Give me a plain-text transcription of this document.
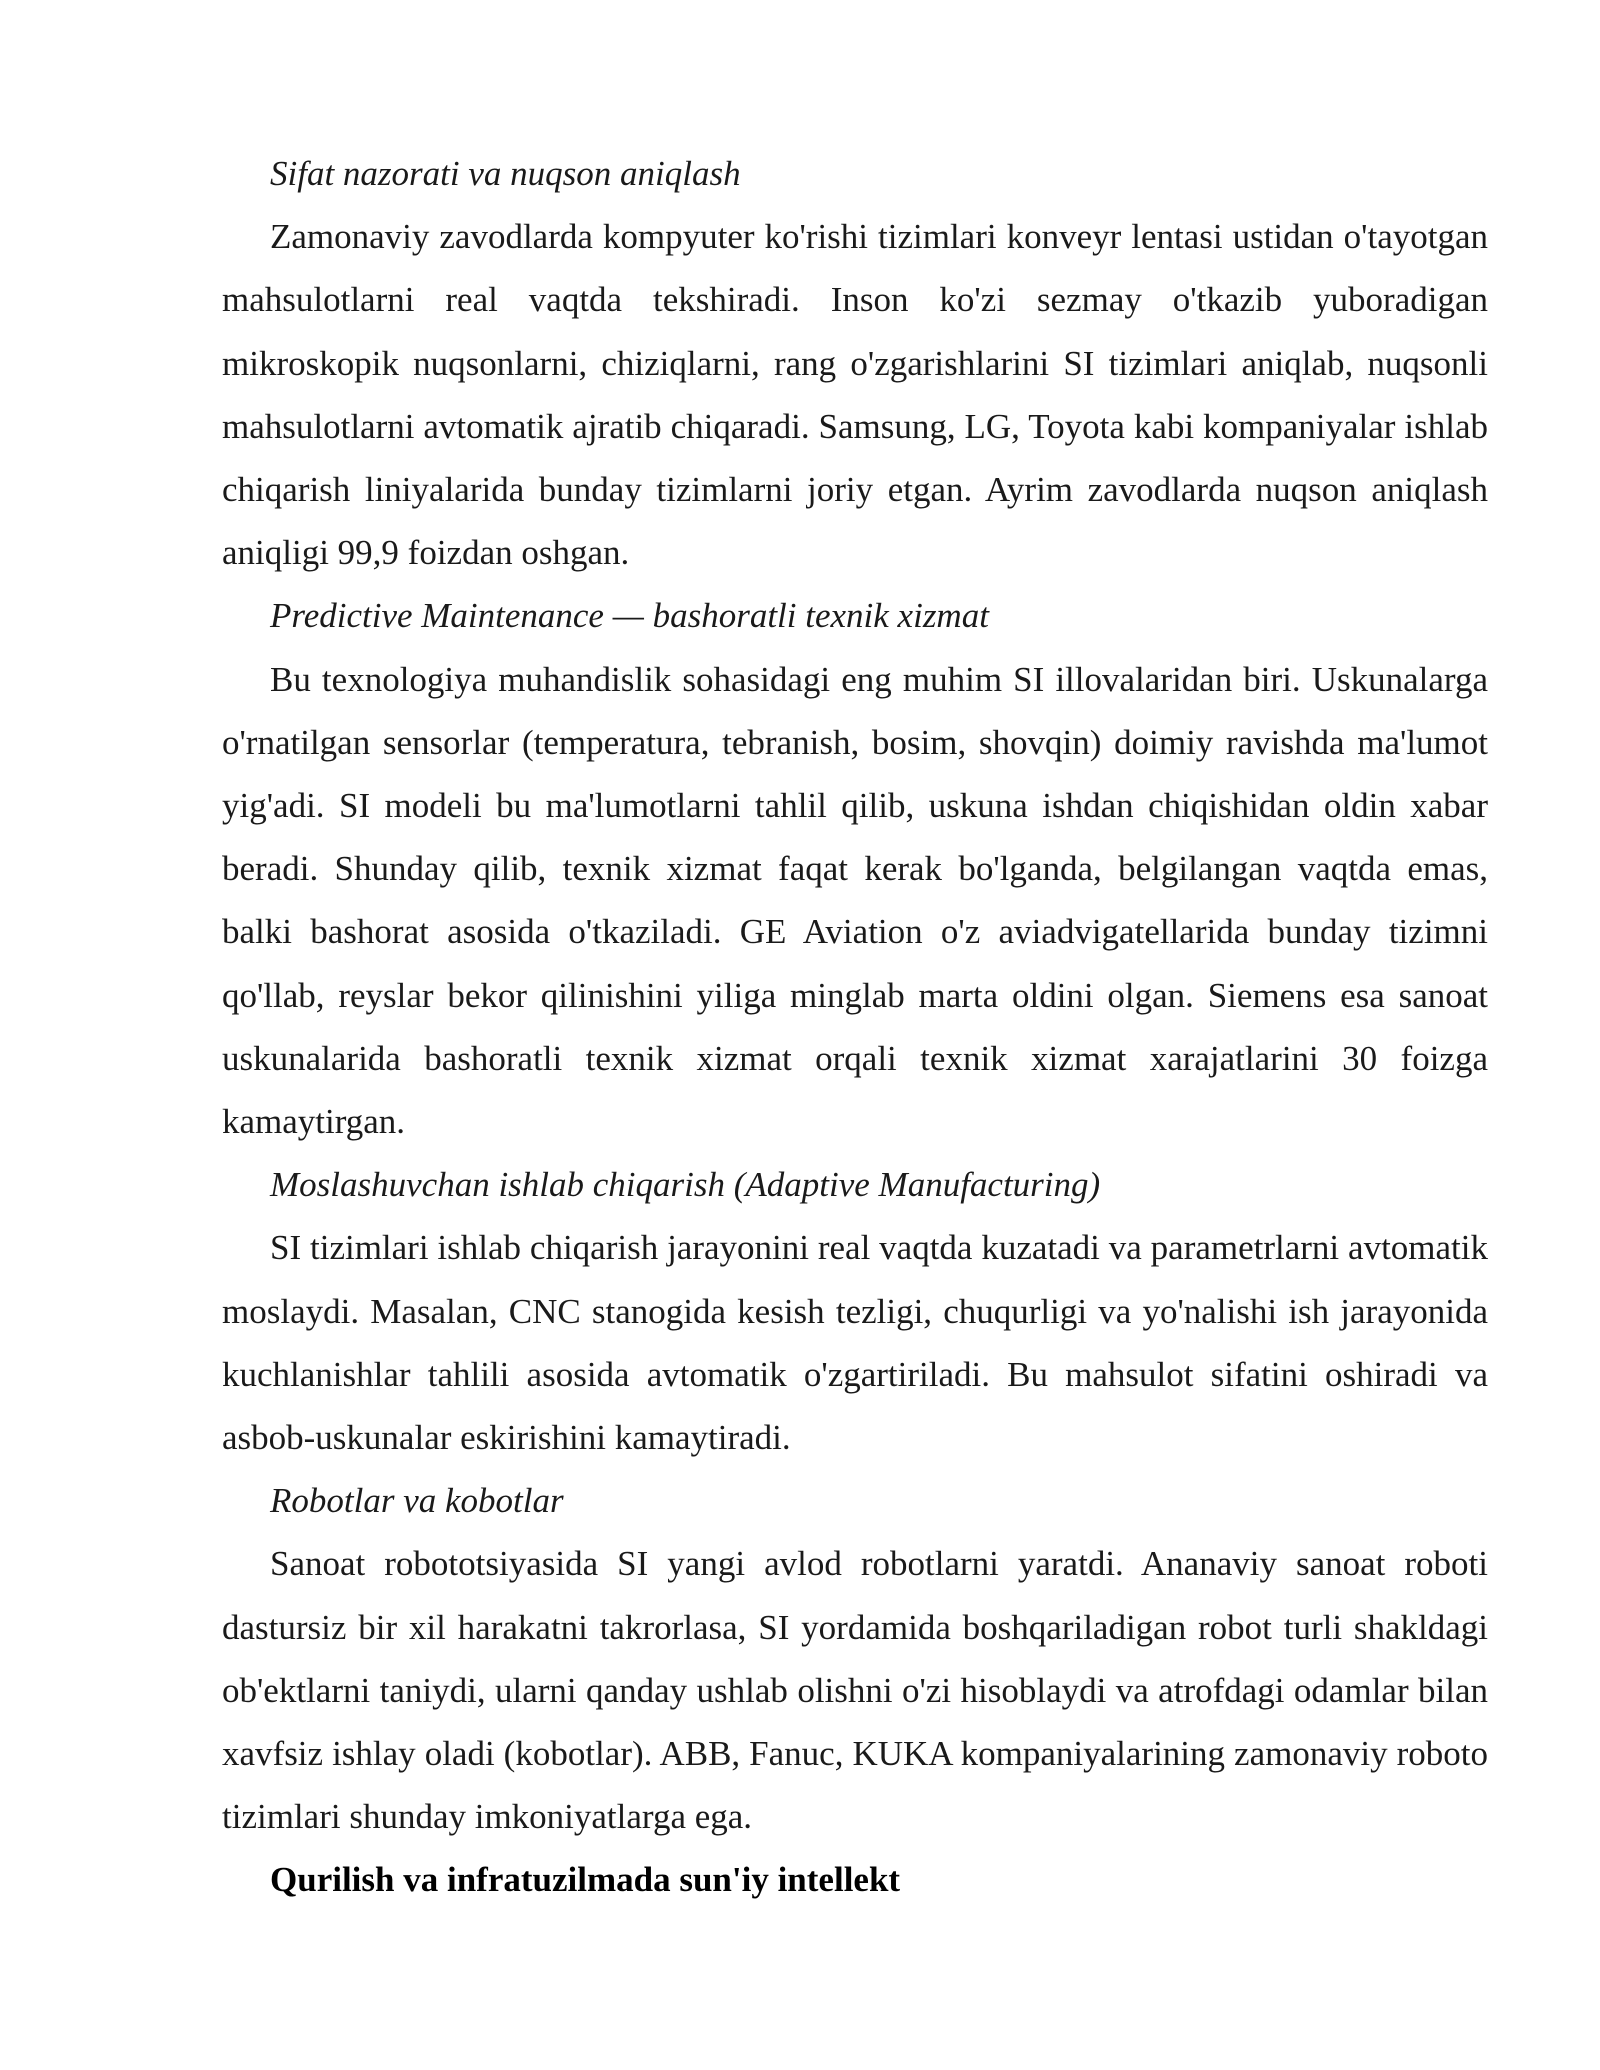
Sifat nazorati va nuqson aniqlash

Zamonaviy zavodlarda kompyuter ko'rishi tizimlari konveyr lentasi ustidan o'tayotgan mahsulotlarni real vaqtda tekshiradi. Inson ko'zi sezmay o'tkazib yuboradigan mikroskopik nuqsonlarni, chiziqlarni, rang o'zgarishlarini SI tizimlari aniqlab, nuqsonli mahsulotlarni avtomatik ajratib chiqaradi. Samsung, LG, Toyota kabi kompaniyalar ishlab chiqarish liniyalarida bunday tizimlarni joriy etgan. Ayrim zavodlarda nuqson aniqlash aniqligi 99,9 foizdan oshgan.

Predictive Maintenance — bashoratli texnik xizmat

Bu texnologiya muhandislik sohasidagi eng muhim SI illovalaridan biri. Uskunalarga o'rnatilgan sensorlar (temperatura, tebranish, bosim, shovqin) doimiy ravishda ma'lumot yig'adi. SI modeli bu ma'lumotlarni tahlil qilib, uskuna ishdan chiqishidan oldin xabar beradi. Shunday qilib, texnik xizmat faqat kerak bo'lganda, belgilangan vaqtda emas, balki bashorat asosida o'tkaziladi. GE Aviation o'z aviadvigatellarida bunday tizimni qo'llab, reyslar bekor qilinishini yiliga minglab marta oldini olgan. Siemens esa sanoat uskunalarida bashoratli texnik xizmat orqali texnik xizmat xarajatlarini 30 foizga kamaytirgan.

Moslashuvchan ishlab chiqarish (Adaptive Manufacturing)

SI tizimlari ishlab chiqarish jarayonini real vaqtda kuzatadi va parametrlarni avtomatik moslaydi. Masalan, CNC stanogida kesish tezligi, chuqurligi va yo'nalishi ish jarayonida kuchlanishlar tahlili asosida avtomatik o'zgartiriladi. Bu mahsulot sifatini oshiradi va asbob-uskunalar eskirishini kamaytiradi.

Robotlar va kobotlar

Sanoat robototsiyasida SI yangi avlod robotlarni yaratdi. Ananaviy sanoat roboti dastursiz bir xil harakatni takrorlasa, SI yordamida boshqariladigan robot turli shakldagi ob'ektlarni taniydi, ularni qanday ushlab olishni o'zi hisoblaydi va atrofdagi odamlar bilan xavfsiz ishlay oladi (kobotlar). ABB, Fanuc, KUKA kompaniyalarining zamonaviy roboto tizimlari shunday imkoniyatlarga ega.

Qurilish va infratuzilmada sun'iy intellekt
